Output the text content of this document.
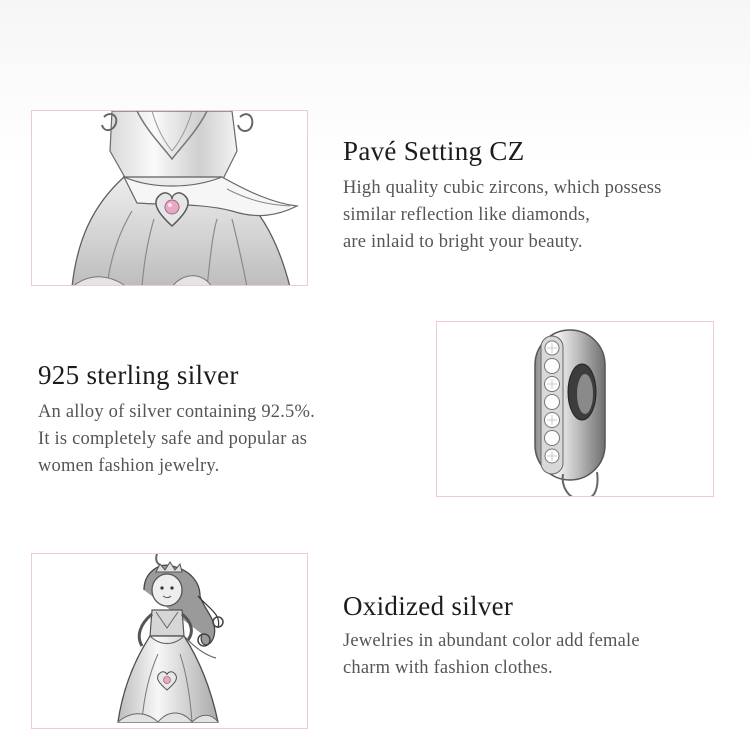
Pavé Setting CZ
High quality cubic zircons, which possess
similar reflection like diamonds,
are inlaid to bright your beauty.
925 sterling silver
An alloy of silver containing 92.5%.
It is completely safe and popular as
women fashion jewelry.
Oxidized silver
Jewelries in abundant color add female
charm with fashion clothes.
